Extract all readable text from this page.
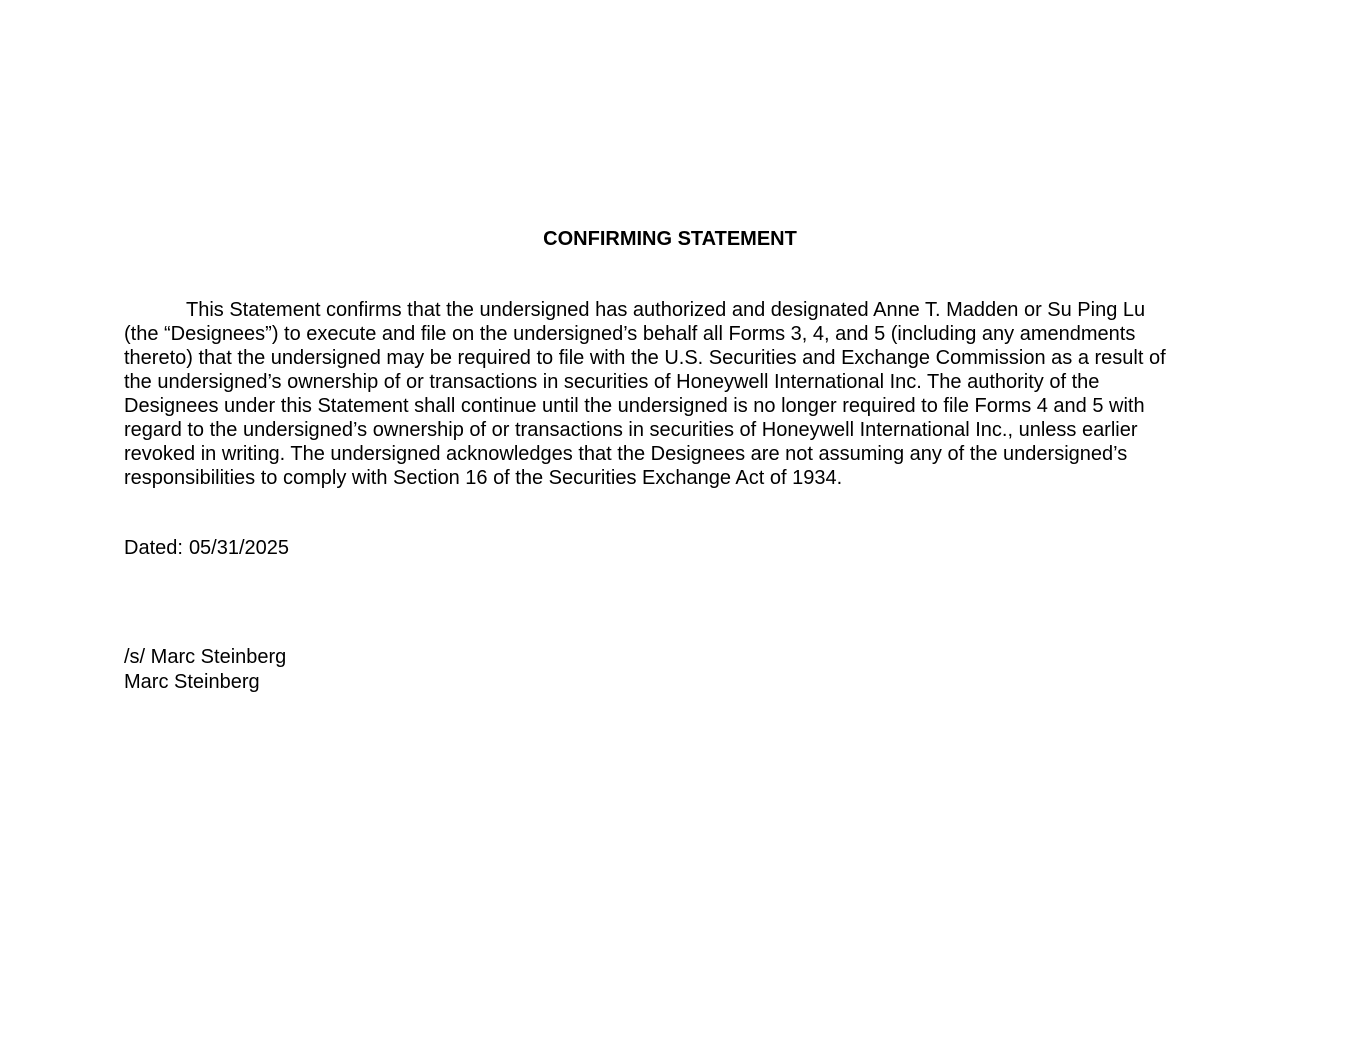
CONFIRMING STATEMENT

This Statement confirms that the undersigned has authorized and designated Anne T. Madden or Su Ping Lu

(the “Designees”) to execute and file on the undersigned’s behalf all Forms 3, 4, and 5 (including any amendments

thereto) that the undersigned may be required to file with the U.S. Securities and Exchange Commission as a result of

the undersigned’s ownership of or transactions in securities of Honeywell International Inc. The authority of the

Designees under this Statement shall continue until the undersigned is no longer required to file Forms 4 and 5 with

regard to the undersigned’s ownership of or transactions in securities of Honeywell International Inc., unless earlier

revoked in writing. The undersigned acknowledges that the Designees are not assuming any of the undersigned’s

responsibilities to comply with Section 16 of the Securities Exchange Act of 1934.

Dated: 05/31/2025
/s/ Marc Steinberg
Marc Steinberg
